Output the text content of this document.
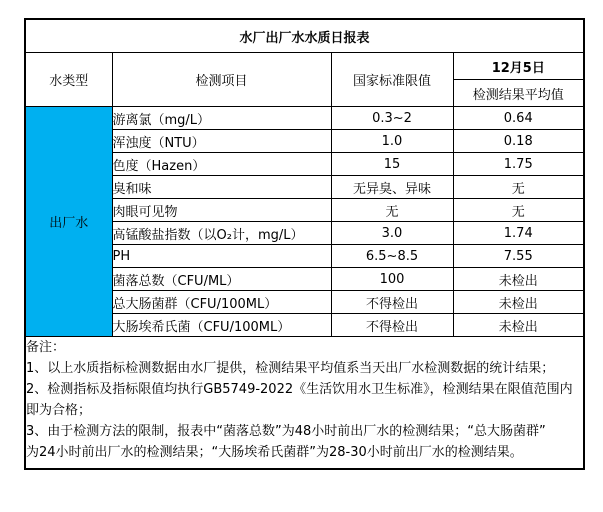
水厂出厂水水质日报表			
水类型	检测项目	国家标准限值	12月5日
			检测结果平均值
出厂水	游离氯（mg/L）	0.3~2	0.64
	浑浊度（NTU）	1.0	0.18
	色度（Hazen）	15	1.75
	臭和味	无异臭、异味	无
	肉眼可见物	无	无
	高锰酸盐指数（以O₂计，mg/L）	3.0	1.74
	PH	6.5~8.5	7.55
	菌落总数（CFU/ML）	100	未检出
	总大肠菌群（CFU/100ML）	不得检出	未检出
	大肠埃希氏菌（CFU/100ML）	不得检出	未检出

备注：
1、以上水质指标检测数据由水厂提供，检测结果平均值系当天出厂水检测数据的统计结果；
2、检测指标及指标限值均执行GB5749-2022《生活饮用水卫生标准》，检测结果在限值范围内
即为合格；
3、由于检测方法的限制，报表中“菌落总数”为48小时前出厂水的检测结果；“总大肠菌群”
为24小时前出厂水的检测结果；“大肠埃希氏菌群”为28-30小时前出厂水的检测结果。
